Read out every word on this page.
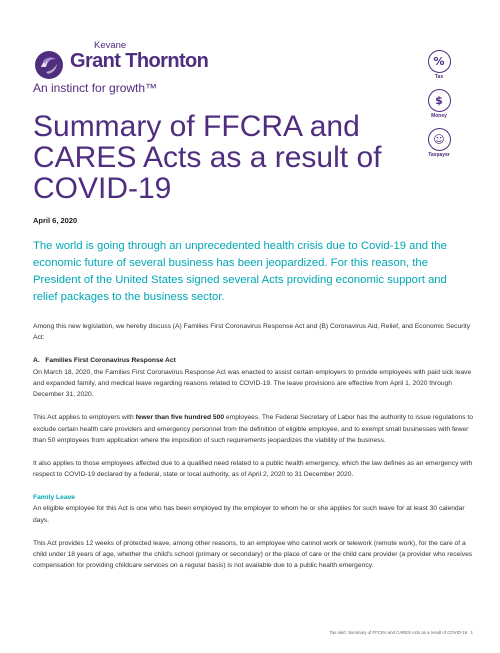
Kevane
Grant Thornton
An instinct for growth™
%
Tax
$
Money
☺
Taxpayer
Summary of FFCRA and CARES Acts as a result of COVID-19
April 6, 2020

The world is going through an unprecedented health crisis due to Covid-19 and the economic future of several business has been jeopardized. For this reason, the President of the United States signed several Acts providing economic support and relief packages to the business sector.

Among this new legislation, we hereby discuss (A) Families First Coronavirus Response Act and (B) Coronavirus Aid, Relief, and Economic Security Act:

A.   Families First Coronavirus Response Act

On March 18, 2020, the Families First Coronavirus Response Act was enacted to assist certain employers to provide employees with paid sick leave and expanded family, and medical leave regarding reasons related to COVID-19. The leave provisions are effective from April 1, 2020 through December 31, 2020.

This Act applies to employers with fewer than five hundred 500 employees. The Federal Secretary of Labor has the authority to issue regulations to exclude certain health care providers and emergency personnel from the definition of eligible employee, and to exempt small businesses with fewer than 50 employees from application where the imposition of such requirements jeopardizes the viability of the business.

It also applies to those employees affected due to a qualified need related to a public health emergency, which the law defines as an emergency with respect to COVID-19 declared by a federal, state or local authority, as of April 2, 2020 to 31 December 2020.

Family Leave

An eligible employee for this Act is one who has been employed by the employer to whom he or she applies for such leave for at least 30 calendar days.

This Act provides 12 weeks of protected leave, among other reasons, to an employee who cannot work or telework (remote work), for the care of a child under 18 years of age, whether the child's school (primary or secondary) or the place of care or the child care provider (a provider who receives compensation for providing childcare services on a regular basis) is not available due to a public health emergency.

Tax alert: Summary of FFCRA and CARES Acts as a result of COVID-19   1
